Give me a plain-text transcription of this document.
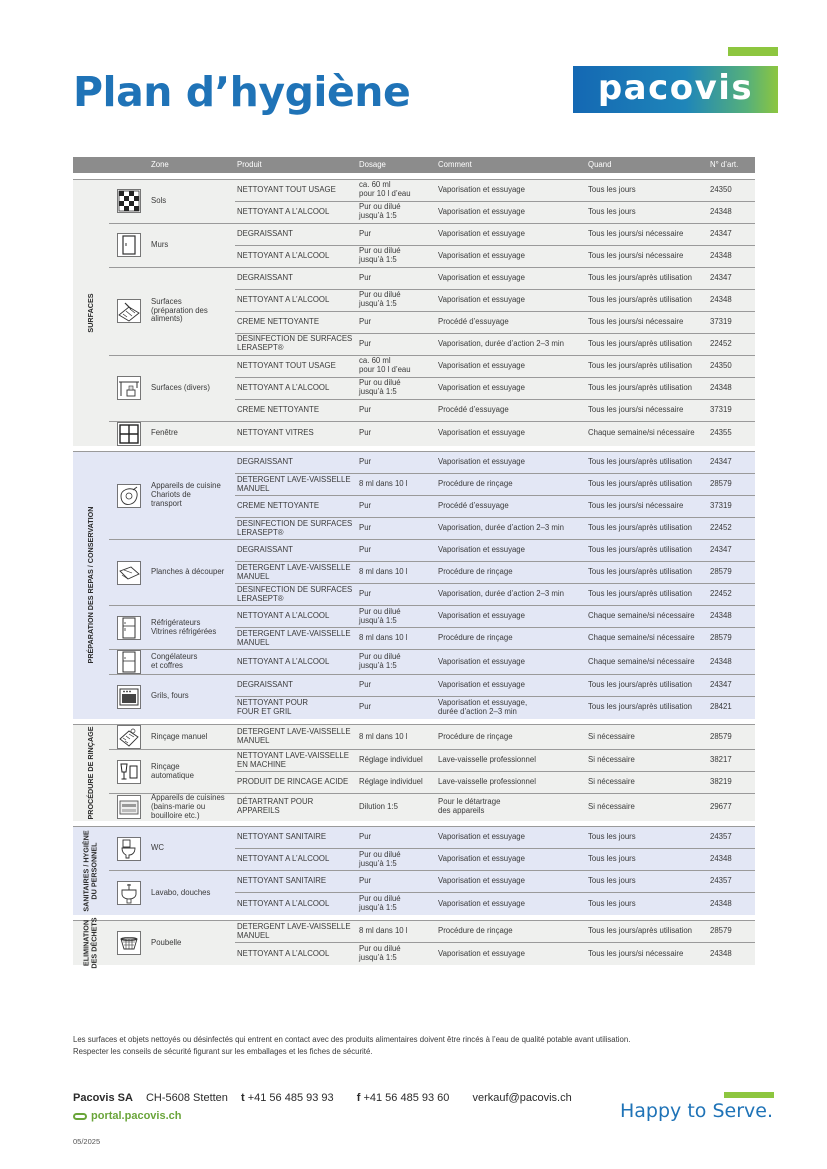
Plan d’hygiène	pacovis
		Zone	Produit	Dosage	Comment	Quand	N° d’art.

SURFACES		Sols	NETTOYANT TOUT USAGE	ca. 60 ml
pour 10 l d’eau	Vaporisation et essuyage	Tous les jours	24350
			NETTOYANT A L’ALCOOL	Pur ou dilué
jusqu’à 1:5	Vaporisation et essuyage	Tous les jours	24348

	Murs	DEGRAISSANT	Pur	Vaporisation et essuyage	Tous les jours/si nécessaire	24347
			NETTOYANT A L’ALCOOL	Pur ou dilué
jusqu’à 1:5	Vaporisation et essuyage	Tous les jours/si nécessaire	24348

	Surfaces
(préparation des
aliments)	DEGRAISSANT	Pur	Vaporisation et essuyage	Tous les jours/après utilisation	24347
			NETTOYANT A L’ALCOOL	Pur ou dilué
jusqu’à 1:5	Vaporisation et essuyage	Tous les jours/après utilisation	24348
			CREME NETTOYANTE	Pur	Procédé d’essuyage	Tous les jours/si nécessaire	37319
			DESINFECTION DE SURFACES
LERASEPT®	Pur	Vaporisation, durée d’action 2–3 min	Tous les jours/après utilisation	22452

	Surfaces (divers)	NETTOYANT TOUT USAGE	ca. 60 ml
pour 10 l d’eau	Vaporisation et essuyage	Tous les jours/après utilisation	24350
			NETTOYANT A L’ALCOOL	Pur ou dilué
jusqu’à 1:5	Vaporisation et essuyage	Tous les jours/après utilisation	24348
			CREME NETTOYANTE	Pur	Procédé d’essuyage	Tous les jours/si nécessaire	37319

	Fenêtre	NETTOYANT VITRES	Pur	Vaporisation et essuyage	Chaque semaine/si nécessaire	24355

PRÉPARATION DES REPAS / CONSERVATION		Appareils de cuisine
Chariots de
transport	DEGRAISSANT	Pur	Vaporisation et essuyage	Tous les jours/après utilisation	24347
			DETERGENT LAVE-VAISSELLE
MANUEL	8 ml dans 10 l	Procédure de rinçage	Tous les jours/après utilisation	28579
			CREME NETTOYANTE	Pur	Procédé d’essuyage	Tous les jours/si nécessaire	37319
			DESINFECTION DE SURFACES
LERASEPT®	Pur	Vaporisation, durée d’action 2–3 min	Tous les jours/après utilisation	22452

	Planches à découper	DEGRAISSANT	Pur	Vaporisation et essuyage	Tous les jours/après utilisation	24347
			DETERGENT LAVE-VAISSELLE
MANUEL	8 ml dans 10 l	Procédure de rinçage	Tous les jours/après utilisation	28579
			DESINFECTION DE SURFACES
LERASEPT®	Pur	Vaporisation, durée d’action 2–3 min	Tous les jours/après utilisation	22452

	Réfrigérateurs
Vitrines réfrigérées	NETTOYANT A L’ALCOOL	Pur ou dilué
jusqu’à 1:5	Vaporisation et essuyage	Chaque semaine/si nécessaire	24348
			DETERGENT LAVE-VAISSELLE
MANUEL	8 ml dans 10 l	Procédure de rinçage	Chaque semaine/si nécessaire	28579

	Congélateurs
et coffres	NETTOYANT A L’ALCOOL	Pur ou dilué
jusqu’à 1:5	Vaporisation et essuyage	Chaque semaine/si nécessaire	24348

	Grils, fours	DEGRAISSANT	Pur	Vaporisation et essuyage	Tous les jours/après utilisation	24347
			NETTOYANT POUR
FOUR ET GRIL	Pur	Vaporisation et essuyage,
durée d’action 2–3 min	Tous les jours/après utilisation	28421

PROCÉDURE DE RINÇAGE		Rinçage manuel	DETERGENT LAVE-VAISSELLE
MANUEL	8 ml dans 10 l	Procédure de rinçage	Si nécessaire	28579

	Rinçage
automatique	NETTOYANT LAVE-VAISSELLE
EN MACHINE	Réglage individuel	Lave-vaisselle professionnel	Si nécessaire	38217
			PRODUIT DE RINCAGE ACIDE	Réglage individuel	Lave-vaisselle professionnel	Si nécessaire	38219

	Appareils de cuisines
(bains-marie ou
bouilloire etc.)	DÉTARTRANT POUR
APPAREILS	Dilution 1:5	Pour le détartrage
des appareils	Si nécessaire	29677

SANITAIRES / HYGIÈNE
DU PERSONNEL		WC	NETTOYANT SANITAIRE	Pur	Vaporisation et essuyage	Tous les jours	24357
			NETTOYANT A L’ALCOOL	Pur ou dilué
jusqu’à 1:5	Vaporisation et essuyage	Tous les jours	24348

	Lavabo, douches	NETTOYANT SANITAIRE	Pur	Vaporisation et essuyage	Tous les jours	24357
			NETTOYANT A L’ALCOOL	Pur ou dilué
jusqu’à 1:5	Vaporisation et essuyage	Tous les jours	24348

ELIMINATION
DES DÉCHETS		Poubelle	DETERGENT LAVE-VAISSELLE
MANUEL	8 ml dans 10 l	Procédure de rinçage	Tous les jours/après utilisation	28579
			NETTOYANT A L’ALCOOL	Pur ou dilué
jusqu’à 1:5	Vaporisation et essuyage	Tous les jours/si nécessaire	24348
Les surfaces et objets nettoyés ou désinfectés qui entrent en contact avec des produits alimentaires doivent être rincés à l’eau de qualité potable avant utilisation.
Respecter les conseils de sécurité figurant sur les emballages et les fiches de sécurité.
Pacovis SA CH-5608 Stetten t +41 56 485 93 93 f +41 56 485 93 60 verkauf@pacovis.ch
portal.pacovis.ch
05/2025
Happy to Serve.
